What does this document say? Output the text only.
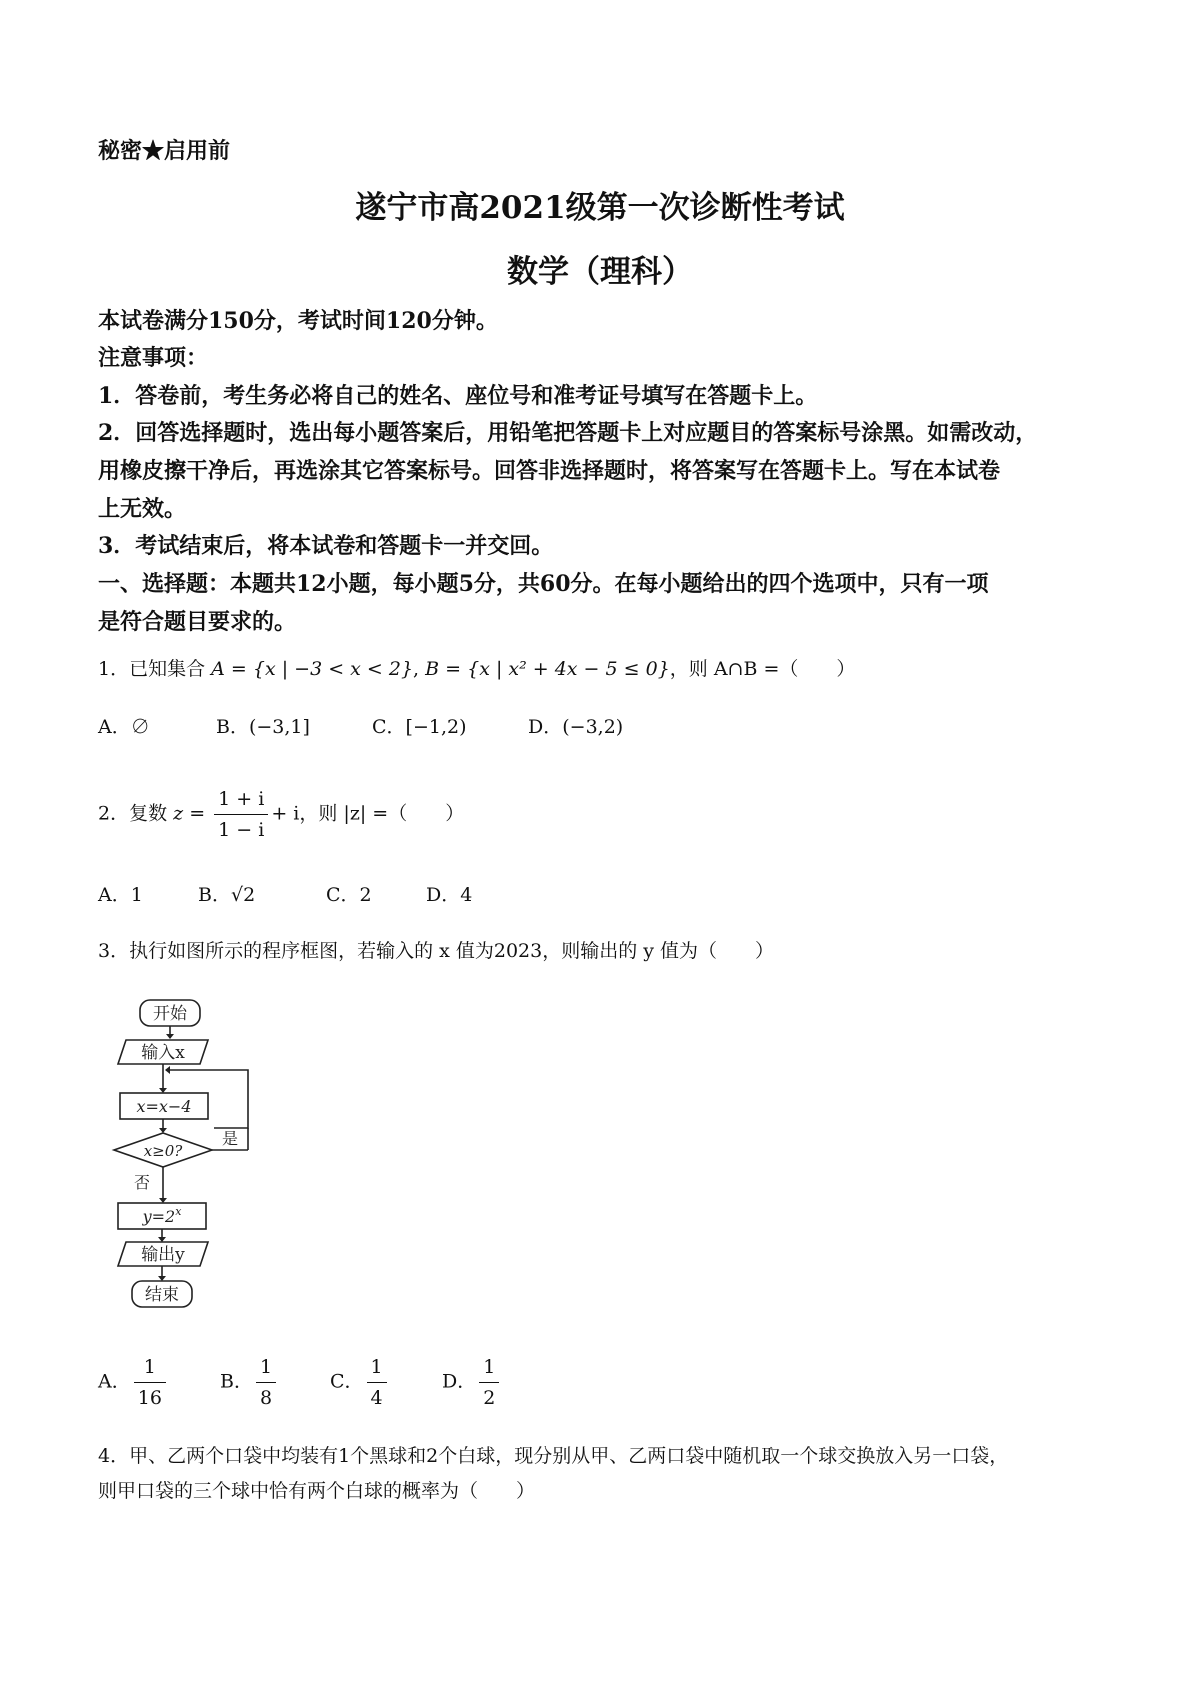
秘密★启用前
遂宁市高2021级第一次诊断性考试
数学（理科）
本试卷满分150分，考试时间120分钟。
注意事项：
1．答卷前，考生务必将自己的姓名、座位号和准考证号填写在答题卡上。
2．回答选择题时，选出每小题答案后，用铅笔把答题卡上对应题目的答案标号涂黑。如需改动，
用橡皮擦干净后，再选涂其它答案标号。回答非选择题时，将答案写在答题卡上。写在本试卷
上无效。
3．考试结束后，将本试卷和答题卡一并交回。
一、选择题：本题共12小题，每小题5分，共60分。在每小题给出的四个选项中，只有一项
是符合题目要求的。
1．已知集合 A = {x | −3 < x < 2}, B = {x | x² + 4x − 5 ≤ 0}，则 A∩B =（　　）
A．∅	B．(−3,1]	C．[−1,2)	D．(−3,2)
2．复数 $z = \frac{1 + i}{1 - i} + i$，则 |z| =（　　）
A．1	B．√2	C．2	D．4
3．执行如图所示的程序框图，若输入的 x 值为2023，则输出的 y 值为（　　）
开始
输入x
x=x−4
x≥0?
是
否
$y=2^x$
输出y
结束
A． $\frac{1}{16}$	B． $\frac{1}{8}$	C． $\frac{1}{4}$	D． $\frac{1}{2}$
4．甲、乙两个口袋中均装有1个黑球和2个白球，现分别从甲、乙两口袋中随机取一个球交换放入另一口袋，
则甲口袋的三个球中恰有两个白球的概率为（　　）
